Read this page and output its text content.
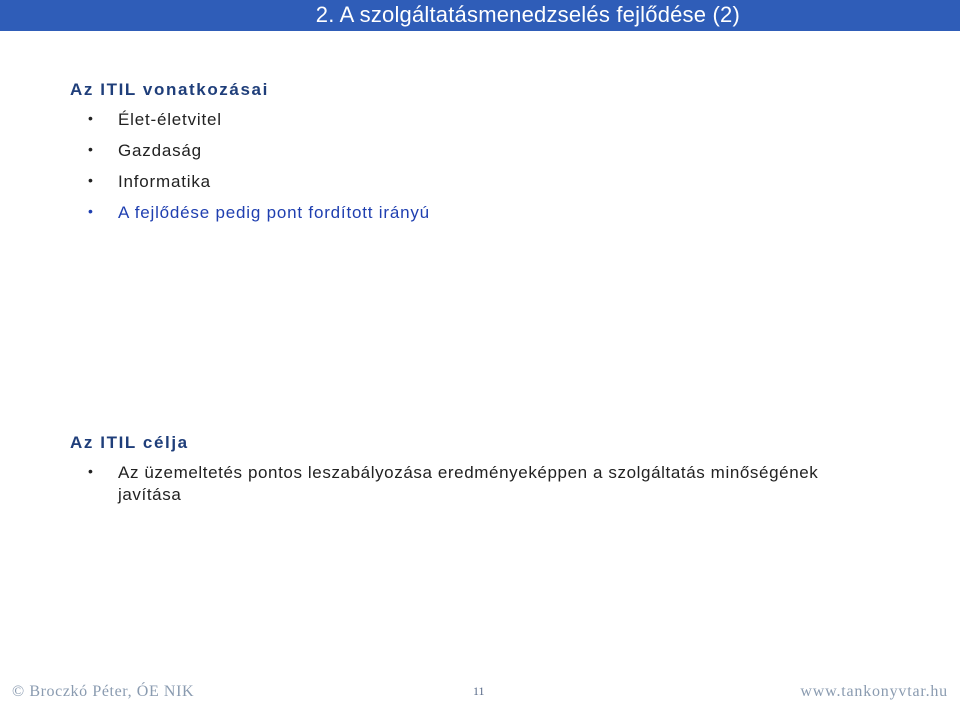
2. A szolgáltatásmenedzselés fejlődése (2)
Az ITIL vonatkozásai
• Élet-életvitel
• Gazdaság
• Informatika
• A fejlődése pedig pont fordított irányú
Az ITIL célja
• Az üzemeltetés pontos leszabályozása eredményeképpen a szolgáltatás minőségének javítása
© Broczkó Péter, ÓE NIK	11	www.tankonyvtar.hu
